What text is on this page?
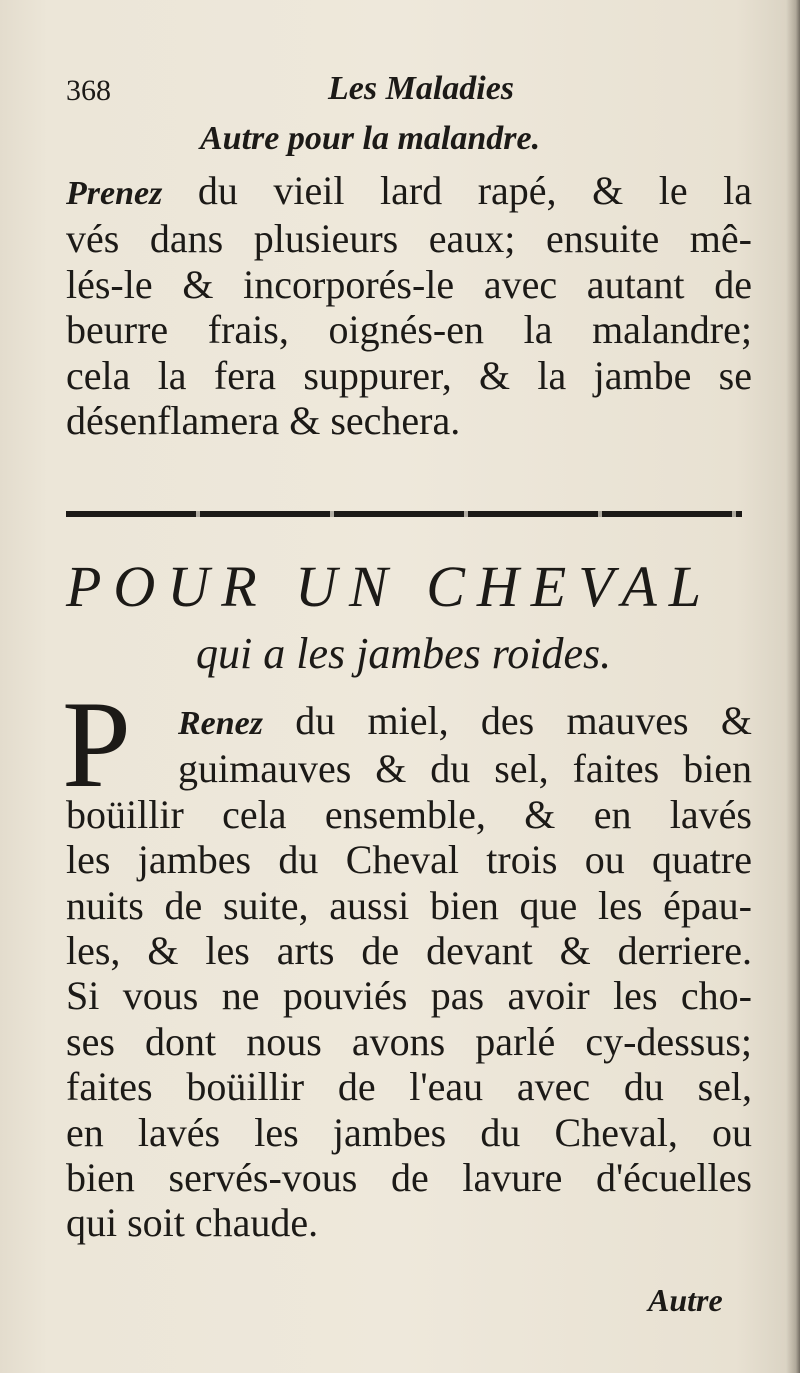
368	Les Maladies
Autre pour la malandre.
Prenez du vieil lard rapé, & le la
vés dans plusieurs eaux; ensuite mê-
lés-le & incorporés-le avec autant de
beurre frais, oignés-en la malandre;
cela la fera suppurer, & la jambe se
désenflamera & sechera.
POUR UN CHEVAL
qui a les jambes roides.
P	Renez du miel, des mauves &
guimauves & du sel, faites bien
boüillir cela ensemble, & en lavés
les jambes du Cheval trois ou quatre
nuits de suite, aussi bien que les épau-
les, & les arts de devant & derriere.
Si vous ne pouviés pas avoir les cho-
ses dont nous avons parlé cy-dessus;
faites boüillir de l'eau avec du sel,
en lavés les jambes du Cheval, ou
bien servés-vous de lavure d'écuelles
qui soit chaude.
Autre
